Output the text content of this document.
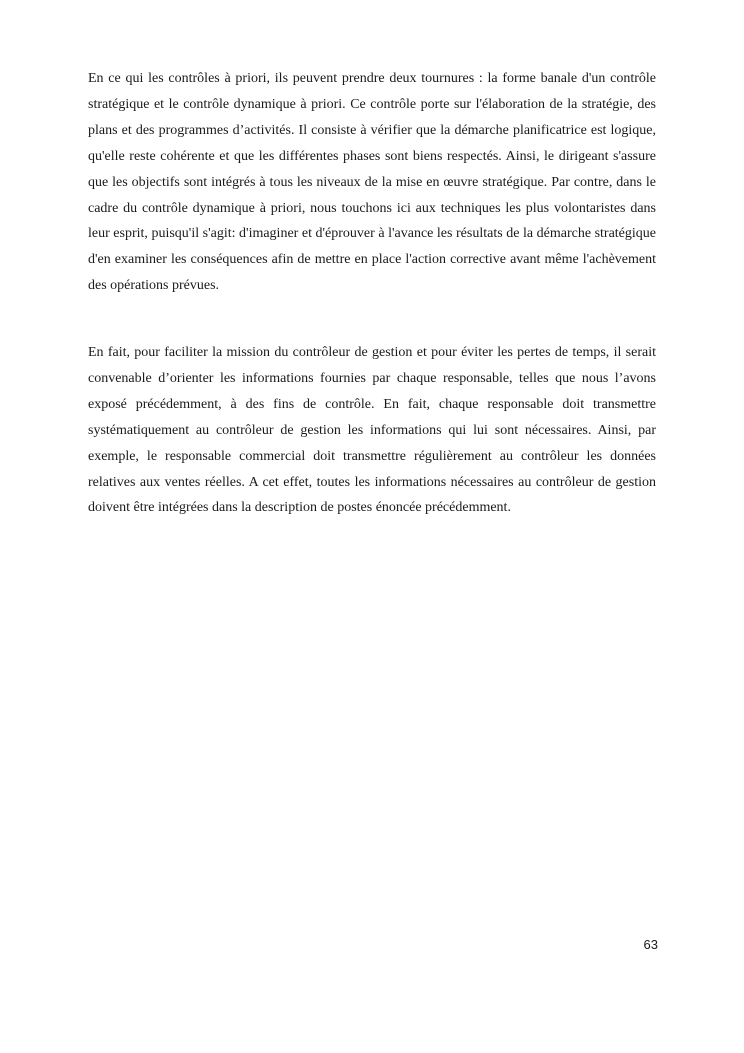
En ce qui les contrôles à priori, ils peuvent prendre deux tournures : la forme banale d'un contrôle stratégique et le contrôle dynamique à priori. Ce contrôle porte sur l'élaboration de la stratégie, des plans et des programmes d’activités. Il consiste à vérifier que la démarche planificatrice est logique, qu'elle reste cohérente et que les différentes phases sont biens respectés. Ainsi, le dirigeant s'assure que les objectifs sont intégrés à tous les niveaux de la mise en œuvre stratégique. Par contre, dans le cadre du contrôle dynamique à priori, nous touchons ici aux techniques les plus volontaristes dans leur esprit, puisqu'il s'agit: d'imaginer et d'éprouver à l'avance les résultats de la démarche stratégique d'en examiner les conséquences afin de mettre en place l'action corrective avant même l'achèvement des opérations prévues.

En fait, pour faciliter la mission du contrôleur de gestion et pour éviter les pertes de temps, il serait convenable d’orienter les informations fournies par chaque responsable, telles que nous l’avons exposé précédemment, à des fins de contrôle. En fait, chaque responsable doit transmettre systématiquement au contrôleur de gestion les informations qui lui sont nécessaires. Ainsi, par exemple, le responsable commercial doit transmettre régulièrement au contrôleur les données relatives aux ventes réelles. A cet effet, toutes les informations nécessaires au contrôleur de gestion doivent être intégrées dans la description de postes énoncée précédemment.

63
